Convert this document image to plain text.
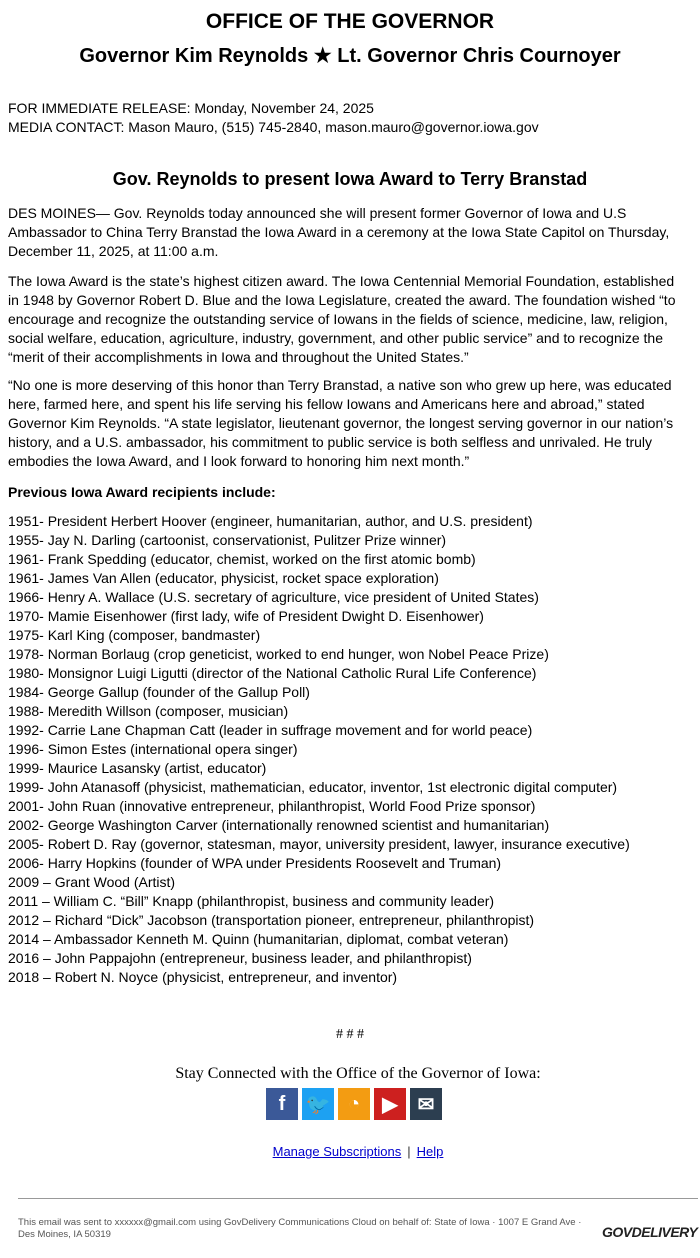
OFFICE OF THE GOVERNOR
Governor Kim Reynolds ★ Lt. Governor Chris Cournoyer
FOR IMMEDIATE RELEASE: Monday, November 24, 2025
MEDIA CONTACT: Mason Mauro, (515) 745-2840, mason.mauro@governor.iowa.gov
Gov. Reynolds to present Iowa Award to Terry Branstad
DES MOINES— Gov. Reynolds today announced she will present former Governor of Iowa and U.S
Ambassador to China Terry Branstad the Iowa Award in a ceremony at the Iowa State Capitol on Thursday,
December 11, 2025, at 11:00 a.m.
The Iowa Award is the state’s highest citizen award. The Iowa Centennial Memorial Foundation, established
in 1948 by Governor Robert D. Blue and the Iowa Legislature, created the award. The foundation wished “to
encourage and recognize the outstanding service of Iowans in the fields of science, medicine, law, religion,
social welfare, education, agriculture, industry, government, and other public service” and to recognize the
“merit of their accomplishments in Iowa and throughout the United States.”
“No one is more deserving of this honor than Terry Branstad, a native son who grew up here, was educated
here, farmed here, and spent his life serving his fellow Iowans and Americans here and abroad,” stated
Governor Kim Reynolds. “A state legislator, lieutenant governor, the longest serving governor in our nation’s
history, and a U.S. ambassador, his commitment to public service is both selfless and unrivaled. He truly
embodies the Iowa Award, and I look forward to honoring him next month.”
Previous Iowa Award recipients include:
1951- President Herbert Hoover (engineer, humanitarian, author, and U.S. president)
1955- Jay N. Darling (cartoonist, conservationist, Pulitzer Prize winner)
1961- Frank Spedding (educator, chemist, worked on the first atomic bomb)
1961- James Van Allen (educator, physicist, rocket space exploration)
1966- Henry A. Wallace (U.S. secretary of agriculture, vice president of United States)
1970- Mamie Eisenhower (first lady, wife of President Dwight D. Eisenhower)
1975- Karl King (composer, bandmaster)
1978- Norman Borlaug (crop geneticist, worked to end hunger, won Nobel Peace Prize)
1980- Monsignor Luigi Ligutti (director of the National Catholic Rural Life Conference)
1984- George Gallup (founder of the Gallup Poll)
1988- Meredith Willson (composer, musician)
1992- Carrie Lane Chapman Catt (leader in suffrage movement and for world peace)
1996- Simon Estes (international opera singer)
1999- Maurice Lasansky (artist, educator)
1999- John Atanasoff (physicist, mathematician, educator, inventor, 1st electronic digital computer)
2001- John Ruan (innovative entrepreneur, philanthropist, World Food Prize sponsor)
2002- George Washington Carver (internationally renowned scientist and humanitarian)
2005- Robert D. Ray (governor, statesman, mayor, university president, lawyer, insurance executive)
2006- Harry Hopkins (founder of WPA under Presidents Roosevelt and Truman)
2009 – Grant Wood (Artist)
2011 – William C. “Bill” Knapp (philanthropist, business and community leader)
2012 – Richard “Dick” Jacobson (transportation pioneer, entrepreneur, philanthropist)
2014 – Ambassador Kenneth M. Quinn (humanitarian, diplomat, combat veteran)
2016 – John Pappajohn (entrepreneur, business leader, and philanthropist)
2018 – Robert N. Noyce (physicist, entrepreneur, and inventor)
# # #
Stay Connected with the Office of the Governor of Iowa:
f	🐦 ◔	▶ ✉
Manage Subscriptions | Help
This email was sent to xxxxxx@gmail.com using GovDelivery Communications Cloud on behalf of: State of Iowa · 1007 E Grand Ave · Des Moines, IA 50319	GOVDELIVERY
